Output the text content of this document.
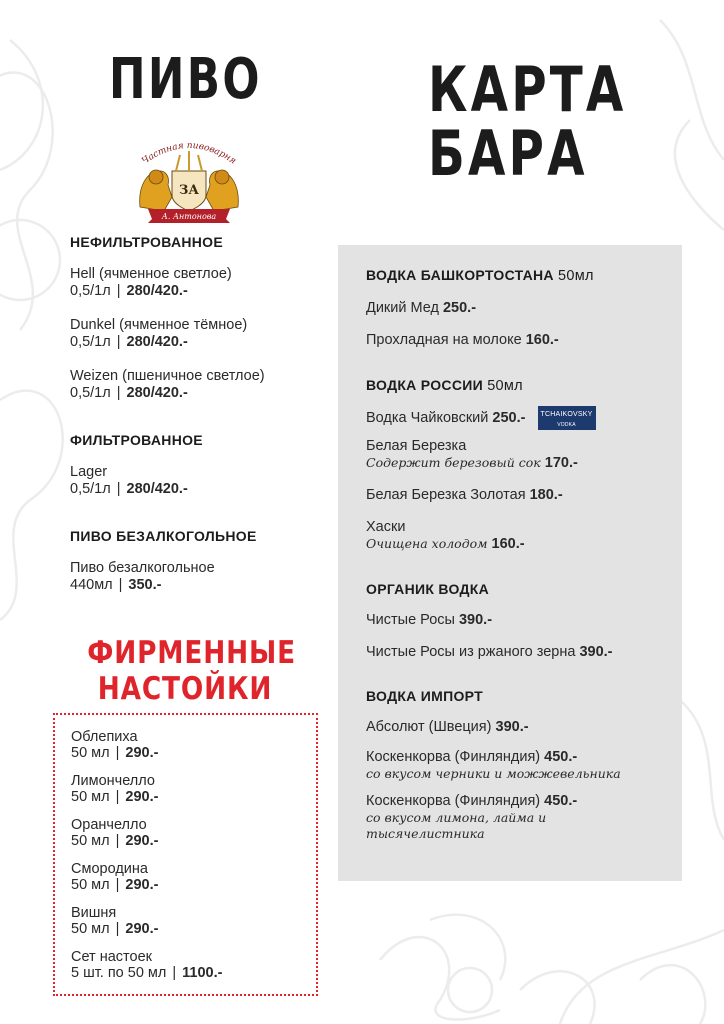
ПИВО	КАРТА
БАРА
Частная пивоварня
ЗА
А. Антонова
НЕФИЛЬТРОВАННОЕ
Hell (ячменное светлое)
0,5/1л | 280/420.-
Dunkel (ячменное тёмное)
0,5/1л | 280/420.-
Weizen (пшеничное светлое)
0,5/1л | 280/420.-
ФИЛЬТРОВАННОЕ
Lager
0,5/1л | 280/420.-
ПИВО БЕЗАЛКОГОЛЬНОЕ
Пиво безалкогольное
440мл | 350.-
ФИРМЕННЫЕ
НАСТОЙКИ
Облепиха
50 мл | 290.-
Лимончелло
50 мл | 290.-
Оранчелло
50 мл | 290.-
Смородина
50 мл | 290.-
Вишня
50 мл | 290.-
Сет настоек
5 шт. по 50 мл | 1100.-
ВОДКА БАШКОРТОСТАНА 50мл
Дикий Мед 250.-
Прохладная на молоке 160.-
ВОДКА РОССИИ 50мл
Водка Чайковский 250.-	TCHAIKOVSKY
VODKA
Белая Березка
Содержит березовый сок 170.-
Белая Березка Золотая 180.-
Хаски
Очищена холодом 160.-
ОРГАНИК ВОДКА
Чистые Росы 390.-
Чистые Росы из ржаного зерна 390.-
ВОДКА ИМПОРТ
Абсолют (Швеция) 390.-
Коскенкорва (Финляндия) 450.-
со вкусом черники и можжевельника
Коскенкорва (Финляндия) 450.-
со вкусом лимона, лайма и
тысячелистника
